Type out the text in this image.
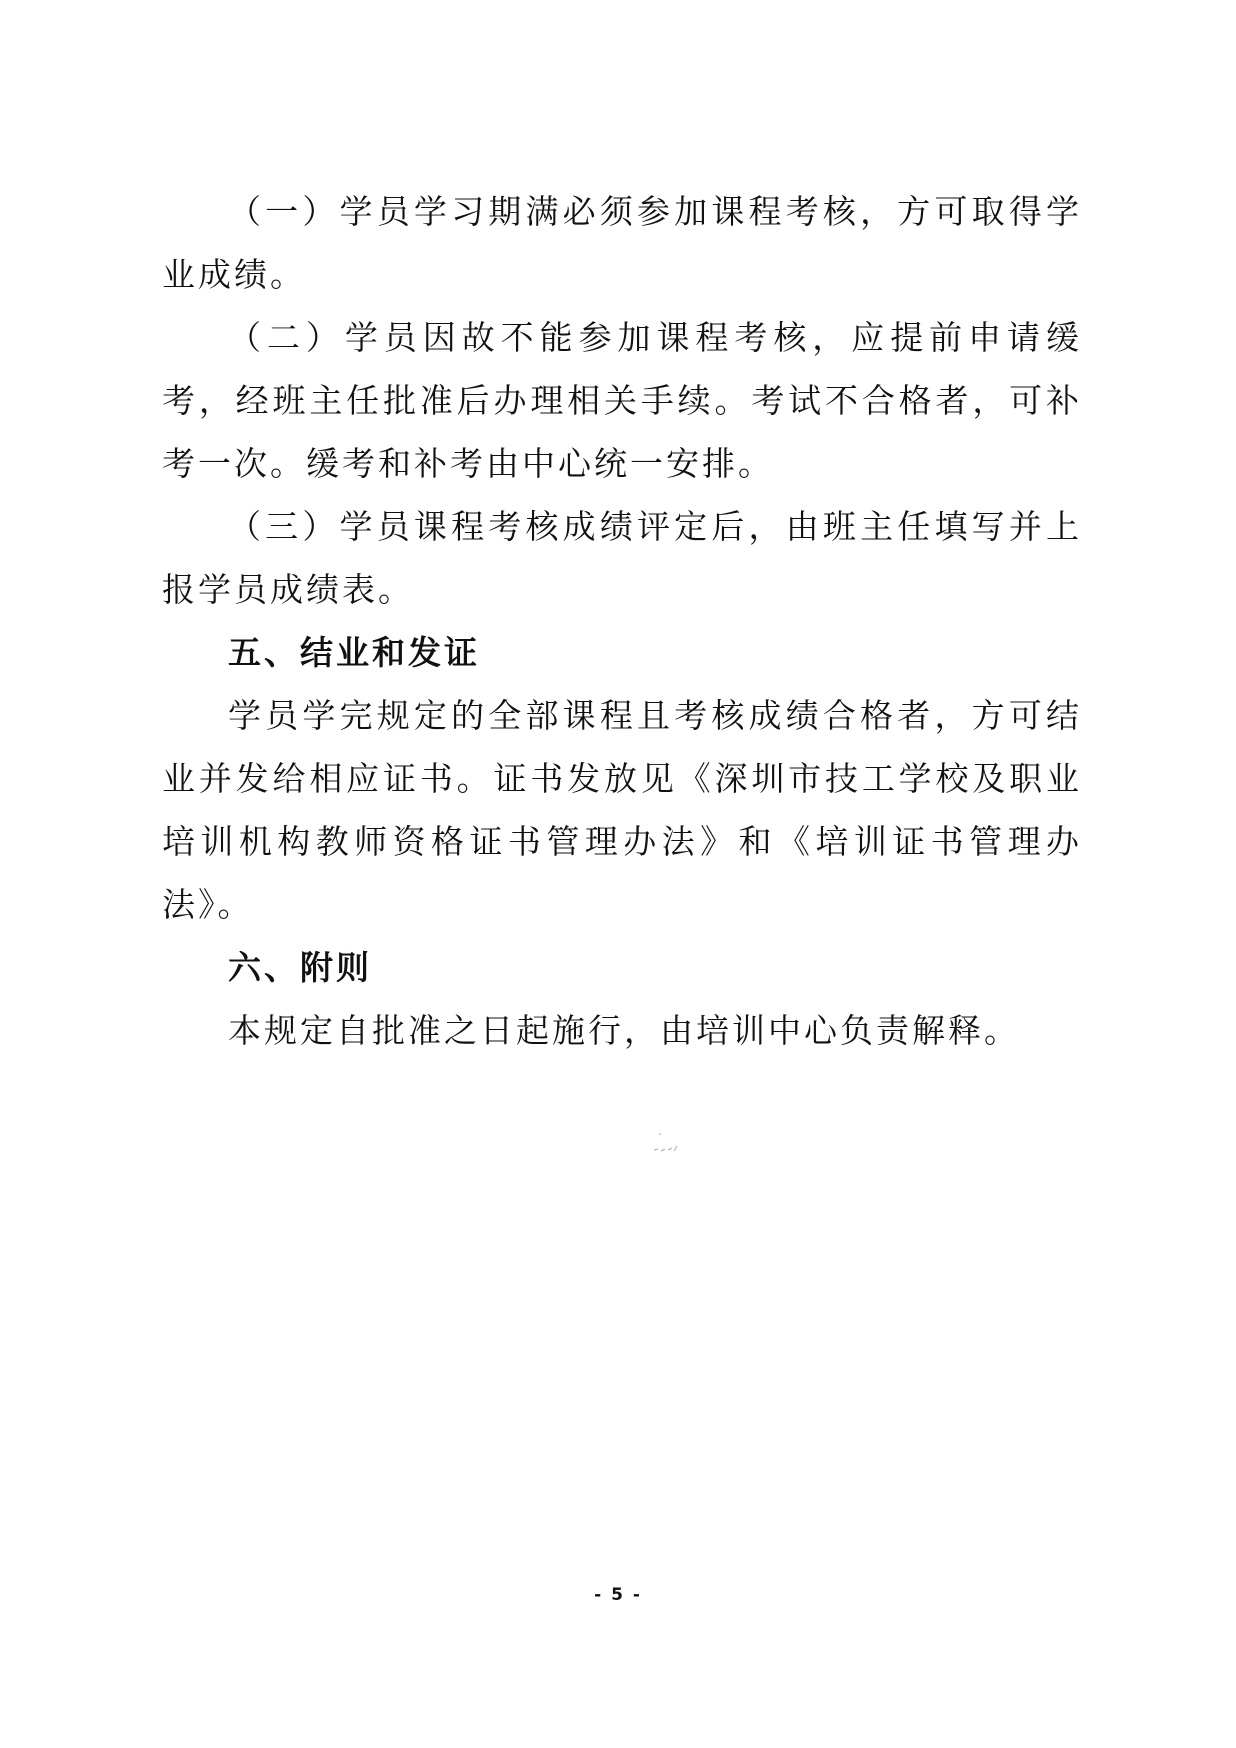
（一）学员学习期满必须参加课程考核，方可取得学业成绩。

（二）学员因故不能参加课程考核，应提前申请缓考，经班主任批准后办理相关手续。考试不合格者，可补考一次。缓考和补考由中心统一安排。

（三）学员课程考核成绩评定后，由班主任填写并上报学员成绩表。

五、结业和发证

学员学完规定的全部课程且考核成绩合格者，方可结业并发给相应证书。证书发放见《深圳市技工学校及职业培训机构教师资格证书管理办法》和《培训证书管理办法》。

六、附则

本规定自批准之日起施行，由培训中心负责解释。

- 5 -
